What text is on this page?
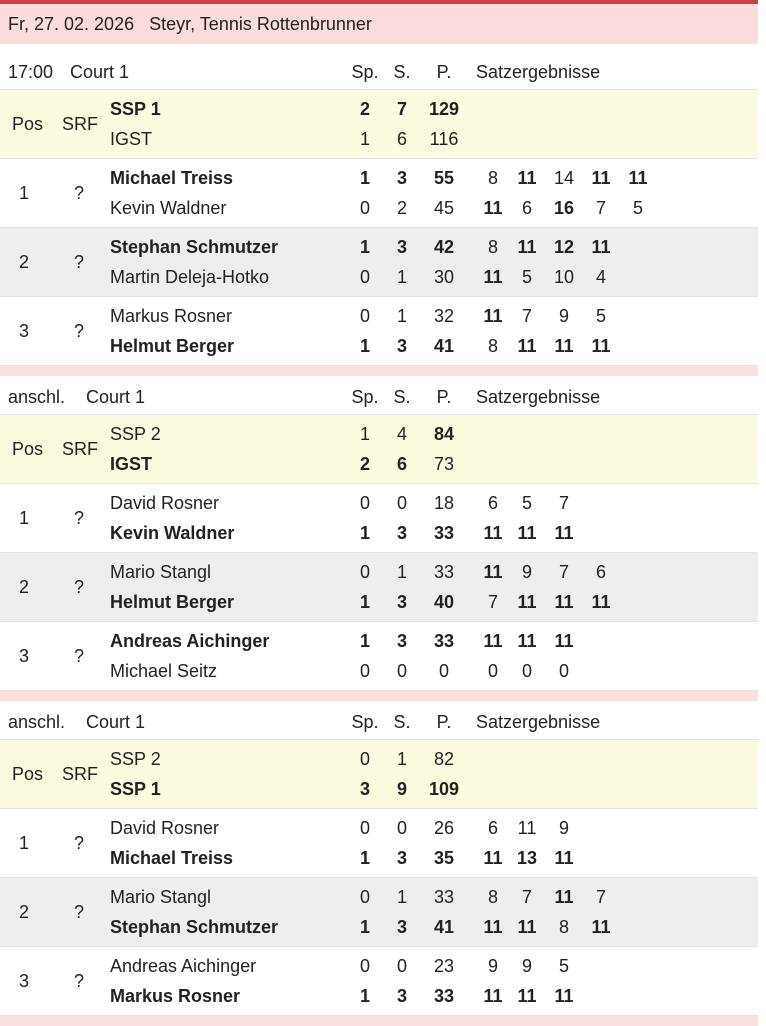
Fr, 27. 02. 2026
Steyr, Tennis Rottenbrunner
17:00 Court 1	Sp. S.	P.	Satzergebnisse
Pos SRF
SSP 1	2	7	129
IGST	1	6	116
1	?
Michael Treiss	1	3	55	8	11 14 11 11
Kevin Waldner	0	2	45	11	6	16	7	5
2	?
Stephan Schmutzer	1	3	42	8	11 12 11
Martin Deleja-Hotko	0	1	30	11	5	10	4
3	?
Markus Rosner	0	1	32	11	7	9	5
Helmut Berger	1	3	41	8	11 11 11
anschl. Court 1	Sp. S.	P.	Satzergebnisse
Pos SRF
SSP 2	1	4	84
IGST	2	6	73
1	?
David Rosner	0	0	18	6	5	7
Kevin Waldner	1	3	33	11 11 11
2	?
Mario Stangl	0	1	33	11	9	7	6
Helmut Berger	1	3	40	7	11 11 11
3	?
Andreas Aichinger	1	3	33	11 11 11
Michael Seitz	0	0	0	0	0	0
anschl. Court 1	Sp. S.	P.	Satzergebnisse
Pos SRF
SSP 2	0	1	82
SSP 1	3	9	109
1	?
David Rosner	0	0	26	6	11	9
Michael Treiss	1	3	35	11 13 11
2	?
Mario Stangl	0	1	33	8	7	11	7
Stephan Schmutzer	1	3	41	11 11	8	11
3	?
Andreas Aichinger	0	0	23	9	9	5
Markus Rosner	1	3	33	11 11 11
